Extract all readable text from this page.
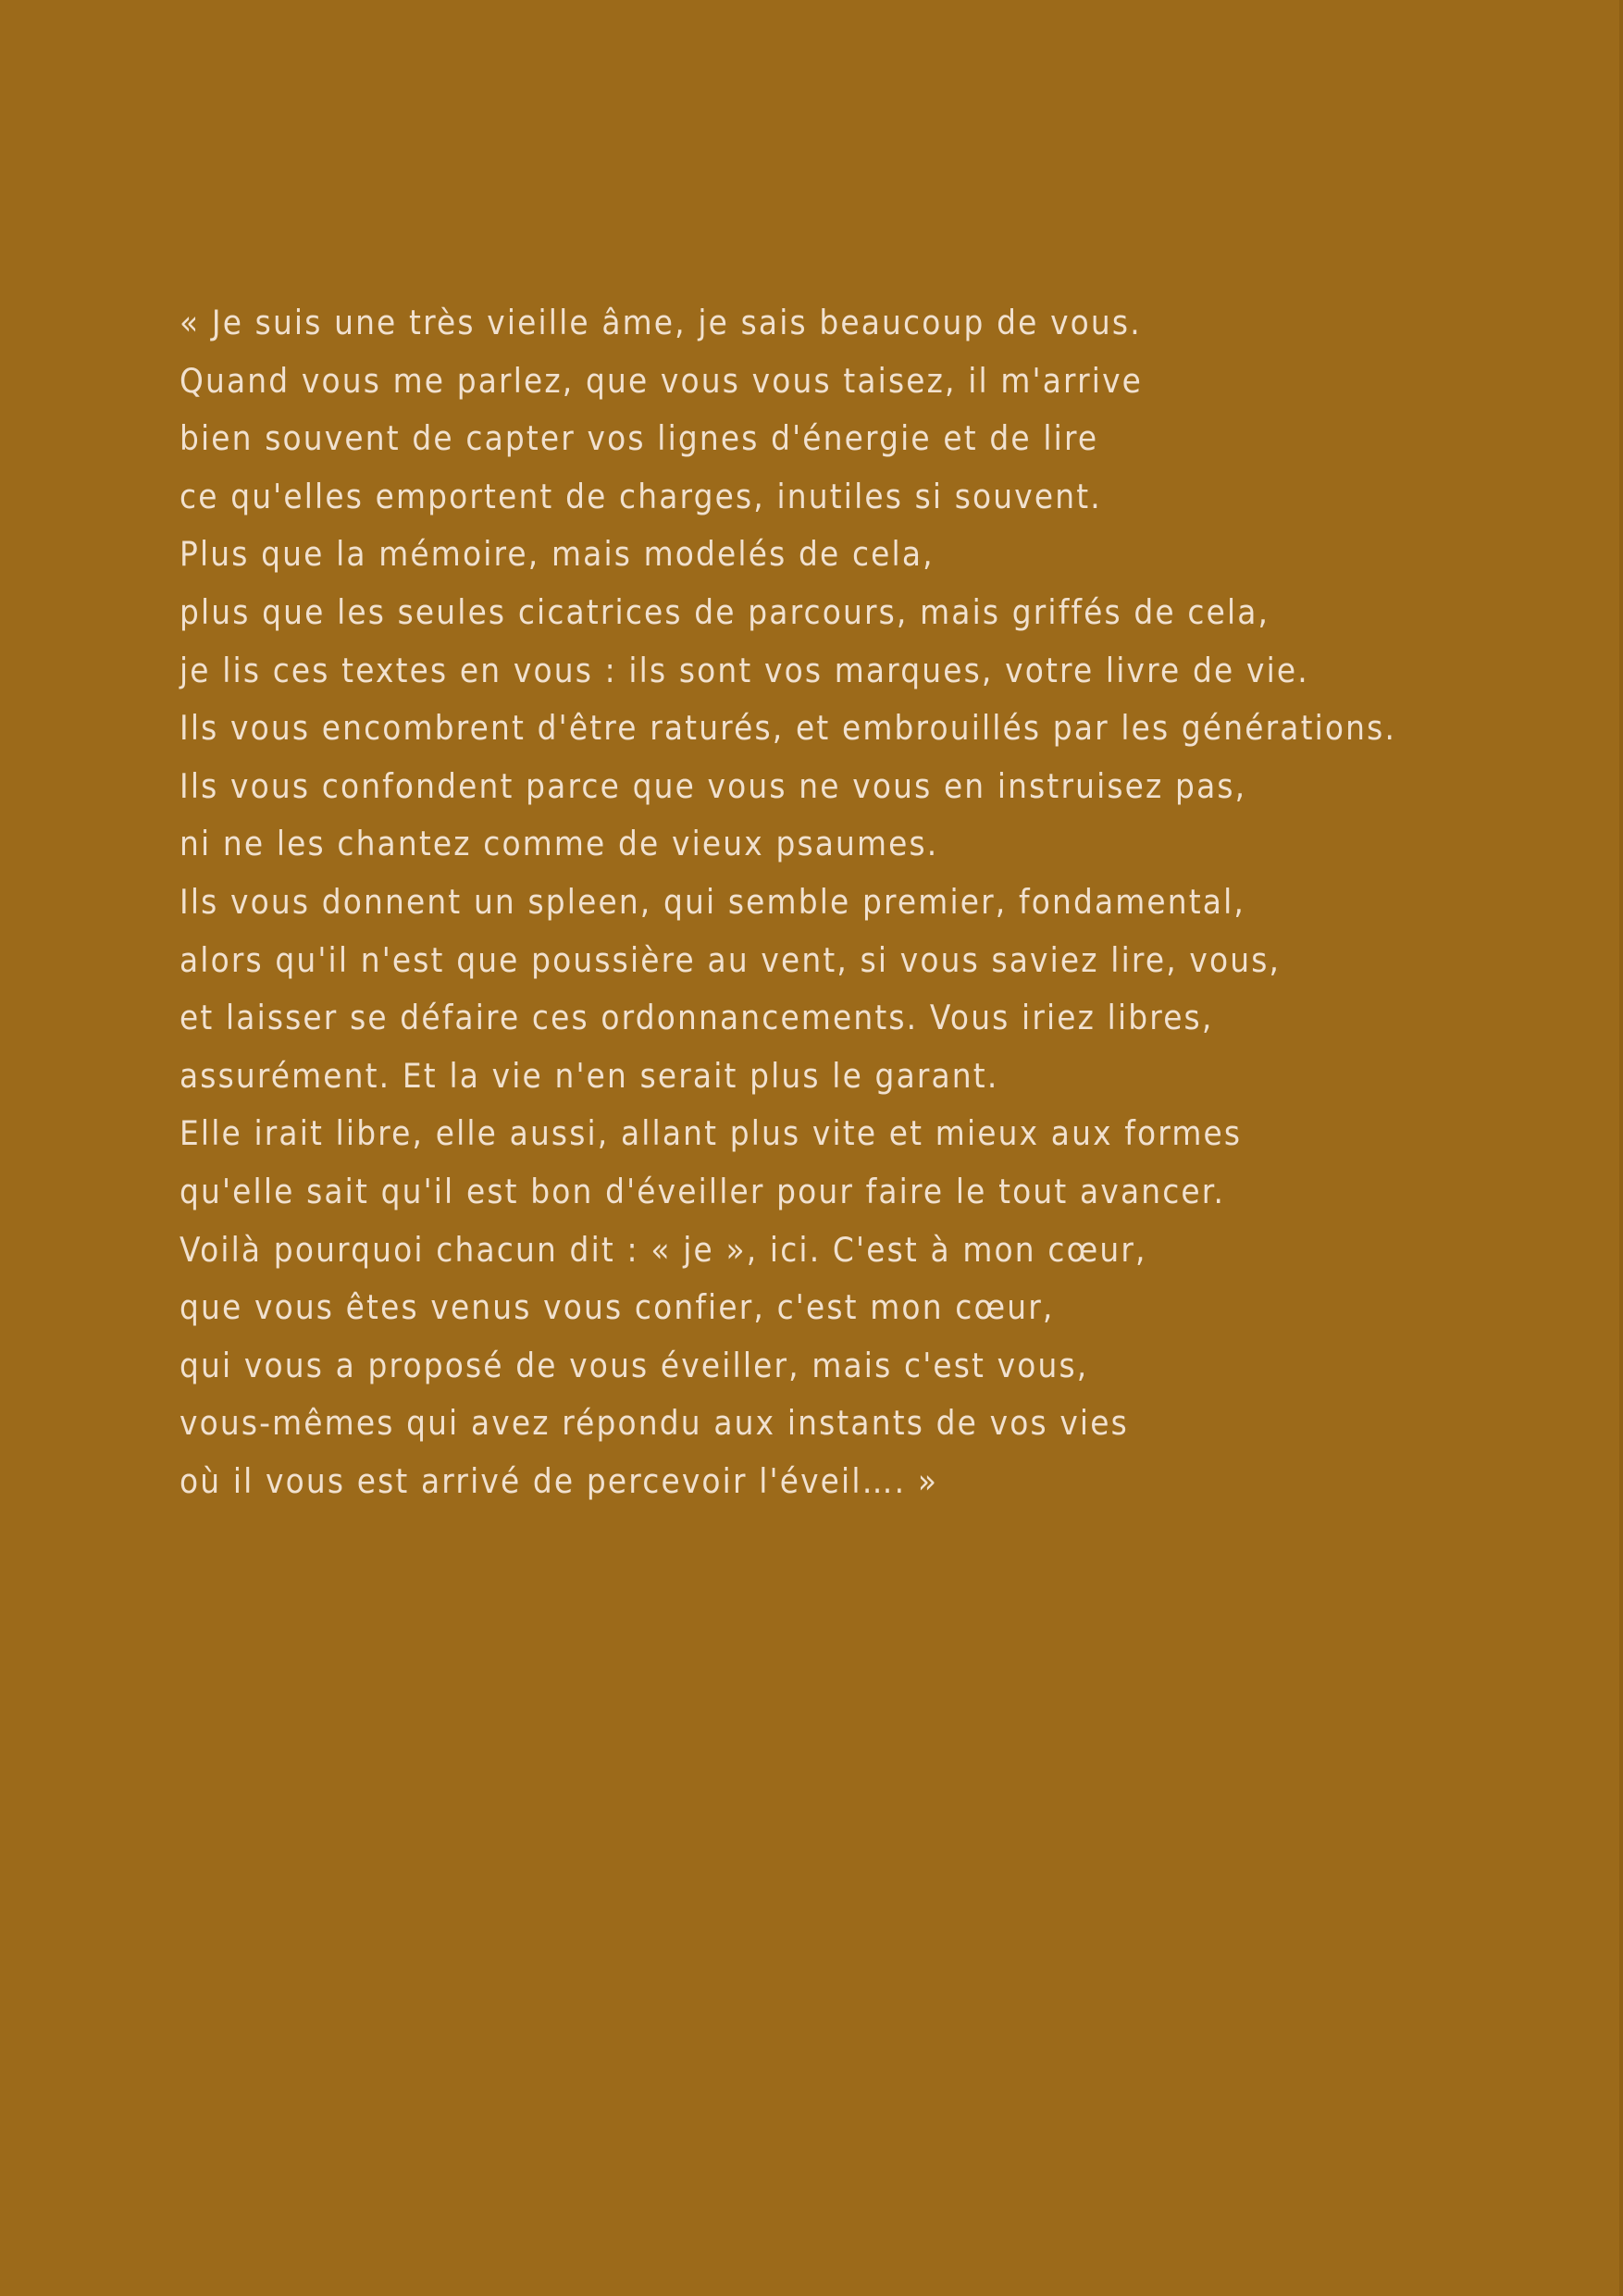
« Je suis une très vieille âme, je sais beaucoup de vous.
Quand vous me parlez, que vous vous taisez, il m'arrive
bien souvent de capter vos lignes d'énergie et de lire
ce qu'elles emportent de charges, inutiles si souvent.
Plus que la mémoire, mais modelés de cela,
plus que les seules cicatrices de parcours, mais griffés de cela,
je lis ces textes en vous : ils sont vos marques, votre livre de vie.
Ils vous encombrent d'être raturés, et embrouillés par les générations.
Ils vous confondent parce que vous ne vous en instruisez pas,
ni ne les chantez comme de vieux psaumes.
Ils vous donnent un spleen, qui semble premier, fondamental,
alors qu'il n'est que poussière au vent, si vous saviez lire, vous,
et laisser se défaire ces ordonnancements. Vous iriez libres,
assurément. Et la vie n'en serait plus le garant.
Elle irait libre, elle aussi, allant plus vite et mieux aux formes
qu'elle sait qu'il est bon d'éveiller pour faire le tout avancer.
Voilà pourquoi chacun dit : « je », ici. C'est à mon cœur,
que vous êtes venus vous confier, c'est mon cœur,
qui vous a proposé de vous éveiller, mais c'est vous,
vous-mêmes qui avez répondu aux instants de vos vies
où il vous est arrivé de percevoir l'éveil…. »
